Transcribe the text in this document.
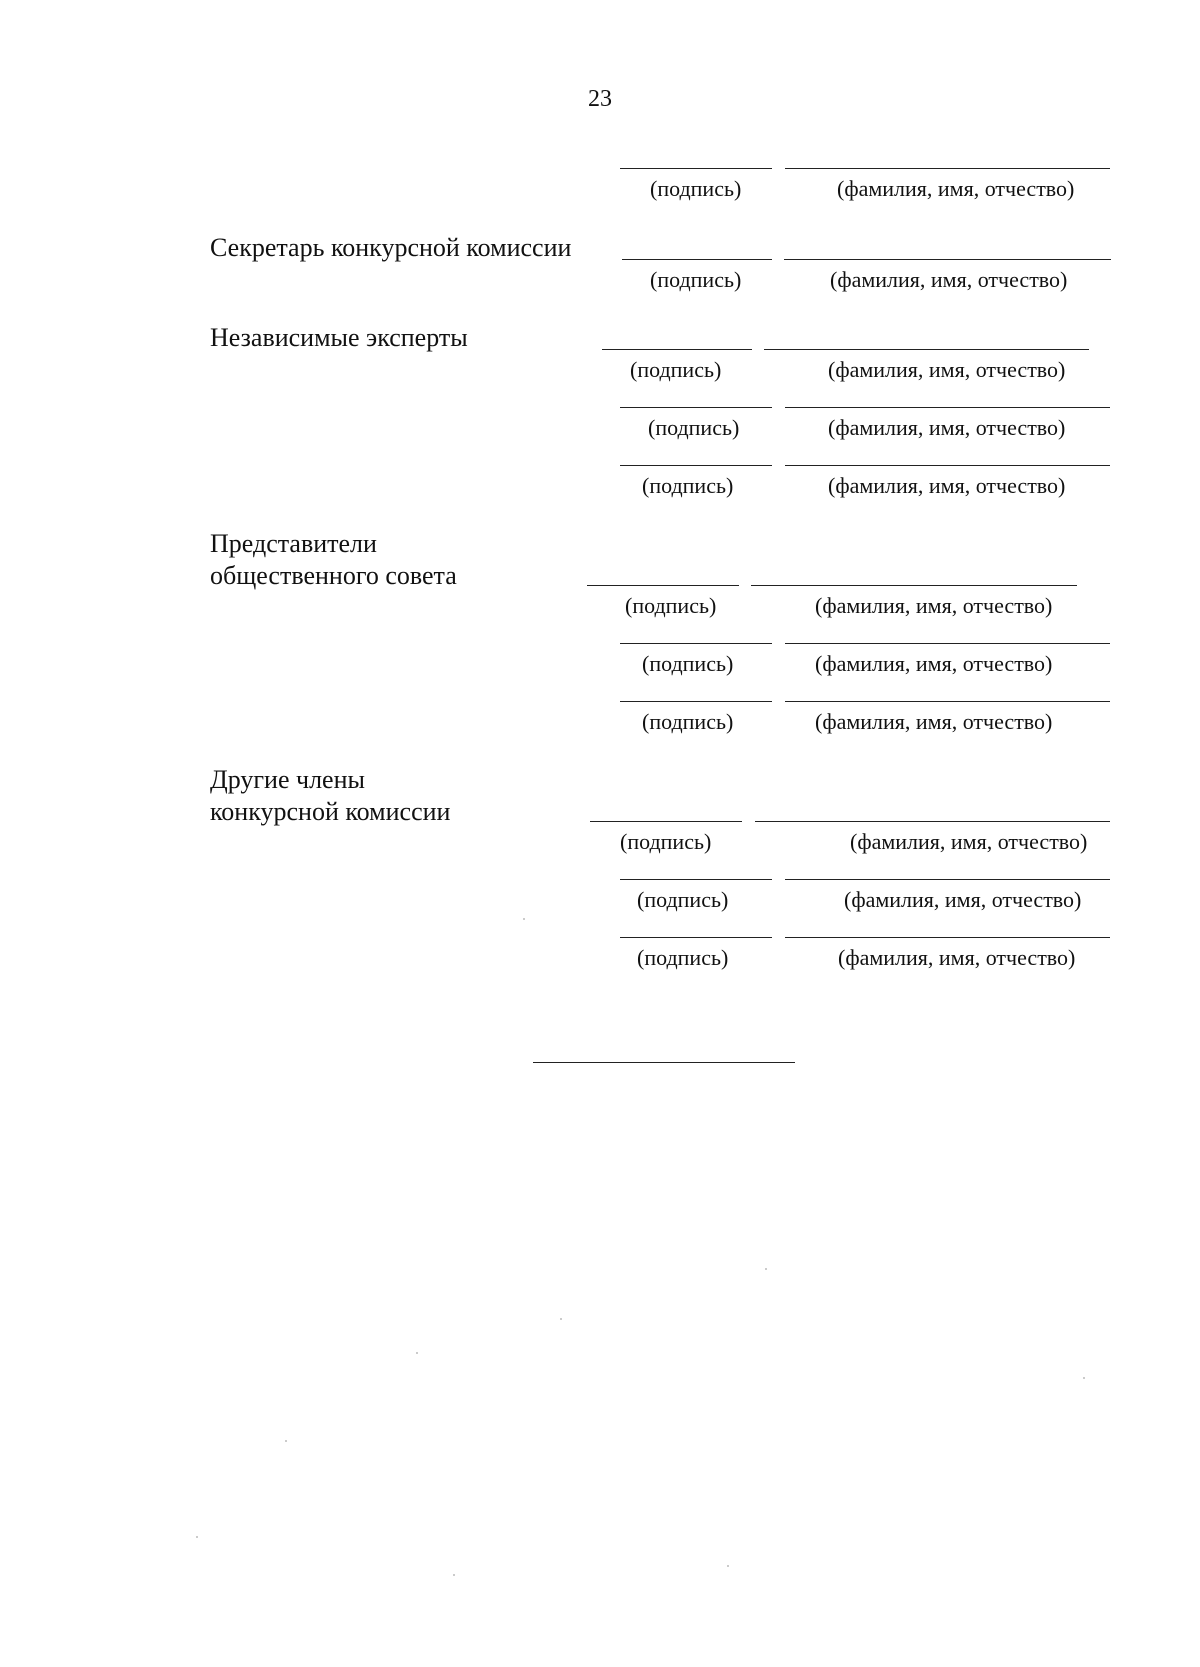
23
(подпись)	(фамилия, имя, отчество)
Секретарь конкурсной комиссии
(подпись)	(фамилия, имя, отчество)
Независимые эксперты
(подпись)	(фамилия, имя, отчество)
(подпись)	(фамилия, имя, отчество)
(подпись)	(фамилия, имя, отчество)
Представители
общественного совета
(подпись)	(фамилия, имя, отчество)
(подпись)	(фамилия, имя, отчество)
(подпись)	(фамилия, имя, отчество)
Другие члены
конкурсной комиссии
(подпись)	(фамилия, имя, отчество)
(подпись)	(фамилия, имя, отчество)
(подпись)	(фамилия, имя, отчество)
